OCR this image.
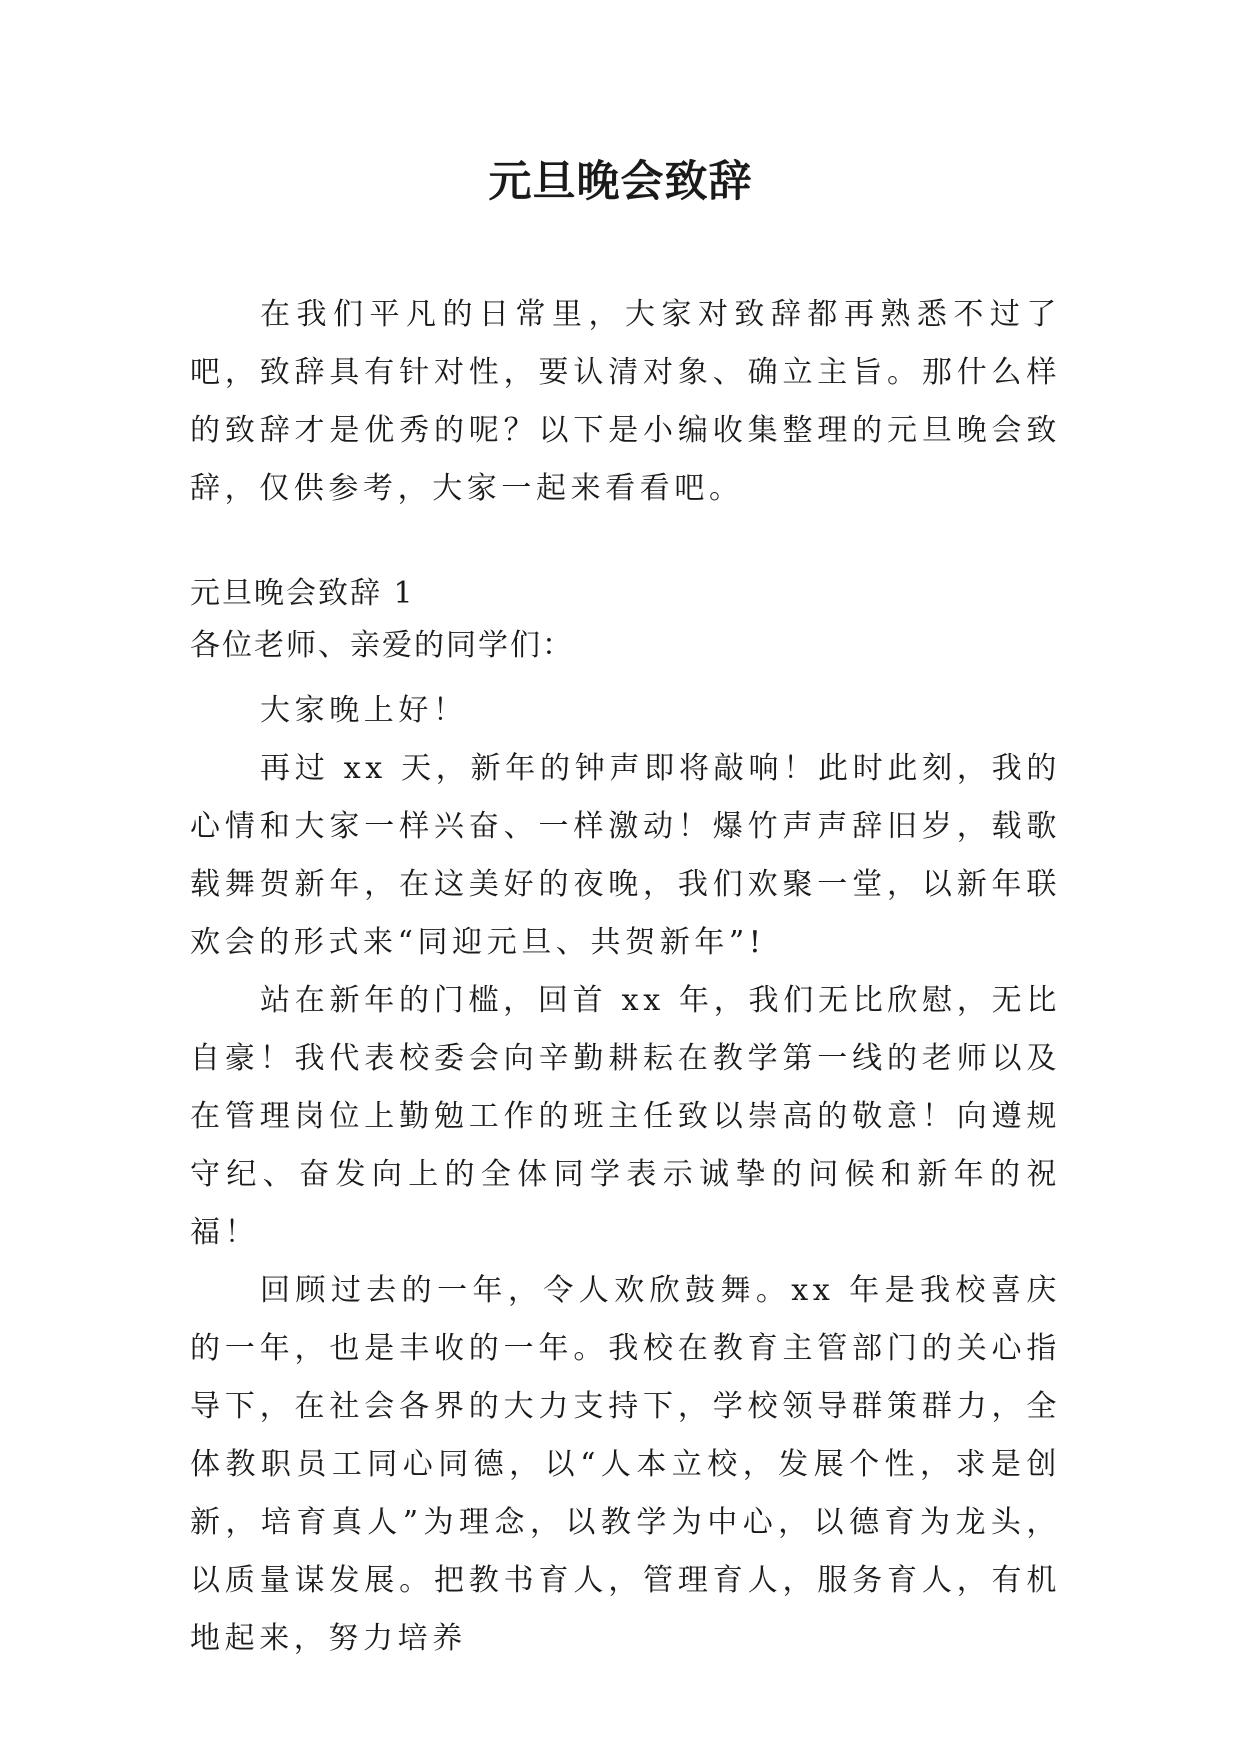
元旦晚会致辞

在我们平凡的日常里，大家对致辞都再熟悉不过了吧，致辞具有针对性，要认清对象、确立主旨。那什么样的致辞才是优秀的呢？以下是小编收集整理的元旦晚会致辞，仅供参考，大家一起来看看吧。

元旦晚会致辞 1

各位老师、亲爱的同学们：

大家晚上好！

再过 xx 天，新年的钟声即将敲响！此时此刻，我的心情和大家一样兴奋、一样激动！爆竹声声辞旧岁，载歌载舞贺新年，在这美好的夜晚，我们欢聚一堂，以新年联欢会的形式来“同迎元旦、共贺新年”!

站在新年的门槛，回首 xx 年，我们无比欣慰，无比自豪！我代表校委会向辛勤耕耘在教学第一线的老师以及在管理岗位上勤勉工作的班主任致以崇高的敬意！向遵规守纪、奋发向上的全体同学表示诚挚的问候和新年的祝福！

回顾过去的一年，令人欢欣鼓舞。xx 年是我校喜庆的一年，也是丰收的一年。我校在教育主管部门的关心指导下，在社会各界的大力支持下，学校领导群策群力，全体教职员工同心同德，以“人本立校，发展个性，求是创新，培育真人”为理念，以教学为中心，以德育为龙头，以质量谋发展。把教书育人，管理育人，服务育人，有机地起来，努力培养
